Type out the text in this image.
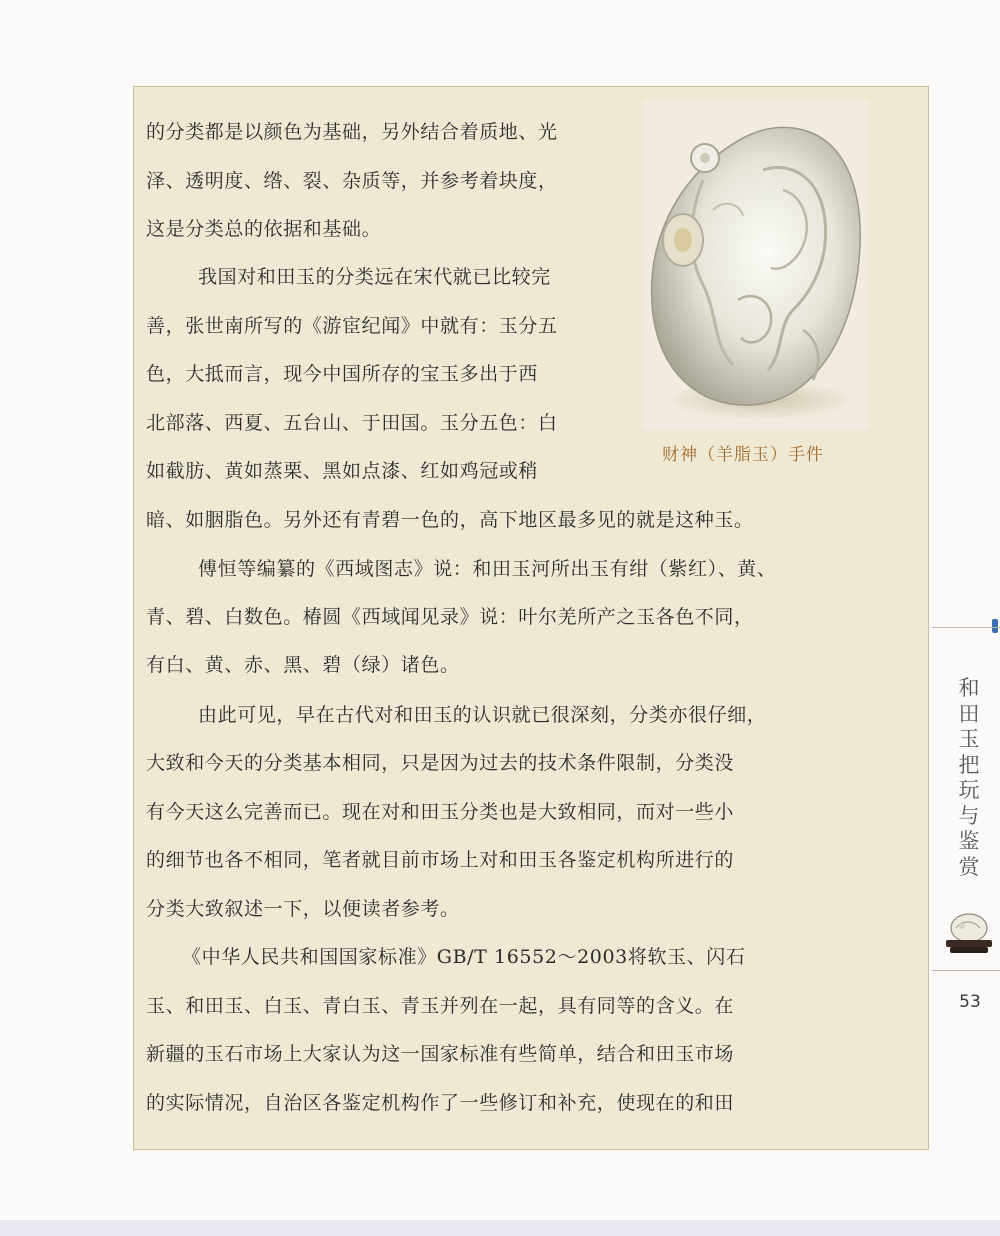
财神（羊脂玉）手件
的分类都是以颜色为基础，另外结合着质地、光
泽、透明度、绺、裂、杂质等，并参考着块度，
这是分类总的依据和基础。
我国对和田玉的分类远在宋代就已比较完
善，张世南所写的《游宦纪闻》中就有：玉分五
色，大抵而言，现今中国所存的宝玉多出于西
北部落、西夏、五台山、于田国。玉分五色：白
如截肪、黄如蒸栗、黑如点漆、红如鸡冠或稍
暗、如胭脂色。另外还有青碧一色的，高下地区最多见的就是这种玉。
傅恒等编纂的《西域图志》说：和田玉河所出玉有绀（紫红）、黄、
青、碧、白数色。椿圆《西域闻见录》说：叶尔羌所产之玉各色不同，
有白、黄、赤、黑、碧（绿）诸色。
由此可见，早在古代对和田玉的认识就已很深刻，分类亦很仔细，
大致和今天的分类基本相同，只是因为过去的技术条件限制，分类没
有今天这么完善而已。现在对和田玉分类也是大致相同，而对一些小
的细节也各不相同，笔者就目前市场上对和田玉各鉴定机构所进行的
分类大致叙述一下，以便读者参考。
《中华人民共和国国家标准》GB/T 16552～2003将软玉、闪石
玉、和田玉、白玉、青白玉、青玉并列在一起，具有同等的含义。在
新疆的玉石市场上大家认为这一国家标准有些简单，结合和田玉市场
的实际情况，自治区各鉴定机构作了一些修订和补充，使现在的和田
和
田
玉
把
玩
与
鉴
赏
53
